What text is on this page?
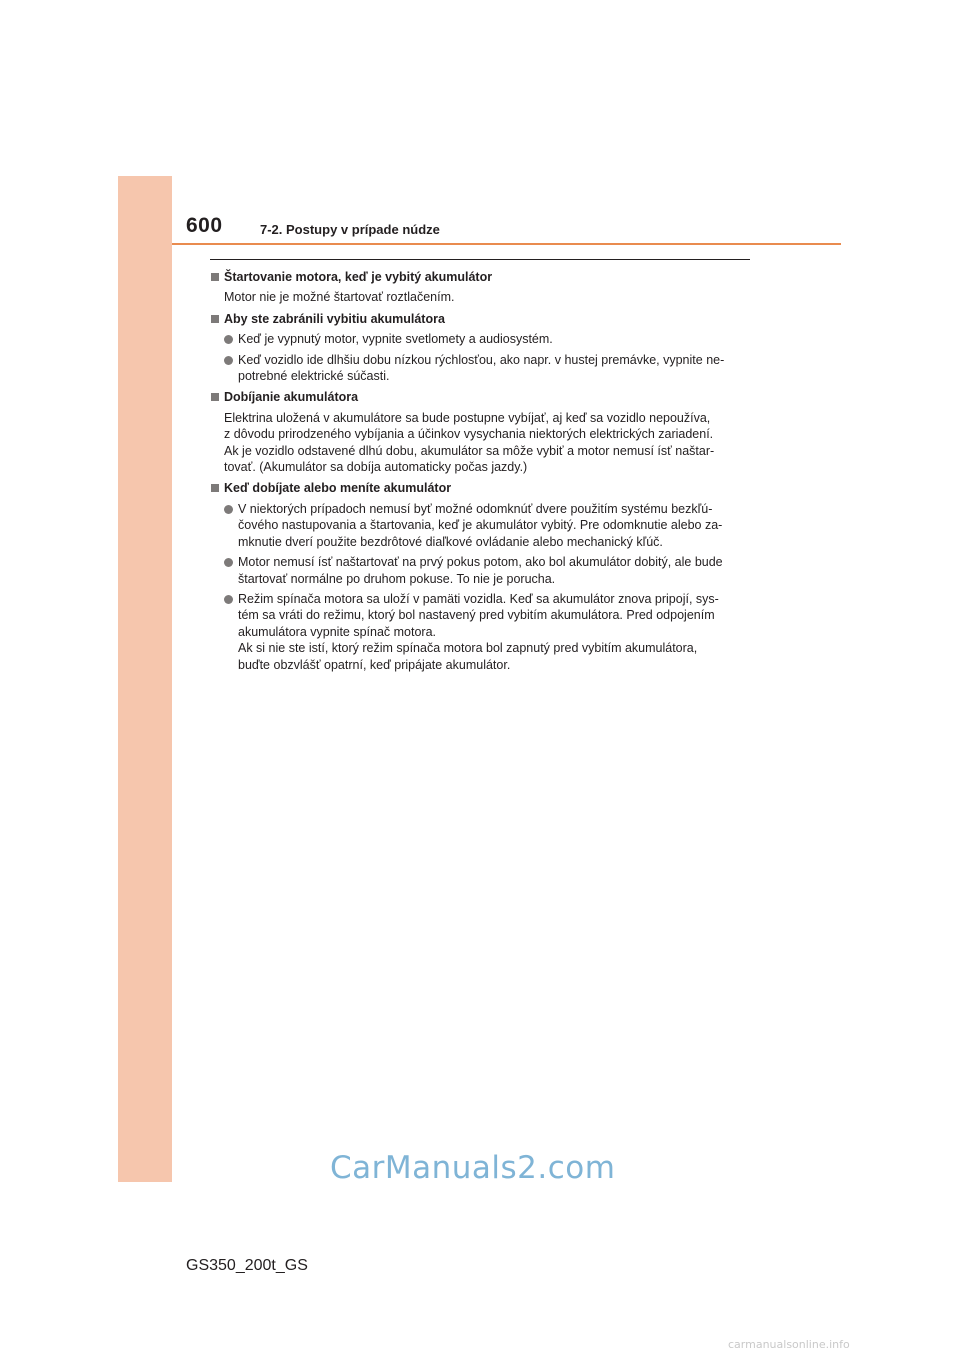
600	7-2. Postupy v prípade núdze
Štartovanie motora, keď je vybitý akumulátor
Motor nie je možné štartovať roztlačením.
Aby ste zabránili vybitiu akumulátora
Keď je vypnutý motor, vypnite svetlomety a audiosystém.
Keď vozidlo ide dlhšiu dobu nízkou rýchlosťou, ako napr. v hustej premávke, vypnite ne-
potrebné elektrické súčasti.
Dobíjanie akumulátora
Elektrina uložená v akumulátore sa bude postupne vybíjať, aj keď sa vozidlo nepoužíva,
z dôvodu prirodzeného vybíjania a účinkov vysychania niektorých elektrických zariadení.
Ak je vozidlo odstavené dlhú dobu, akumulátor sa môže vybiť a motor nemusí ísť naštar-
tovať. (Akumulátor sa dobíja automaticky počas jazdy.)
Keď dobíjate alebo meníte akumulátor
V niektorých prípadoch nemusí byť možné odomknúť dvere použitím systému bezkľú-
čového nastupovania a štartovania, keď je akumulátor vybitý. Pre odomknutie alebo za-
mknutie dverí použite bezdrôtové diaľkové ovládanie alebo mechanický kľúč.
Motor nemusí ísť naštartovať na prvý pokus potom, ako bol akumulátor dobitý, ale bude
štartovať normálne po druhom pokuse. To nie je porucha.
Režim spínača motora sa uloží v pamäti vozidla. Keď sa akumulátor znova pripojí, sys-
tém sa vráti do režimu, ktorý bol nastavený pred vybitím akumulátora. Pred odpojením
akumulátora vypnite spínač motora.
Ak si nie ste istí, ktorý režim spínača motora bol zapnutý pred vybitím akumulátora,
buďte obzvlášť opatrní, keď pripájate akumulátor.
CarManuals2.com
GS350_200t_GS
carmanualsonline.info
